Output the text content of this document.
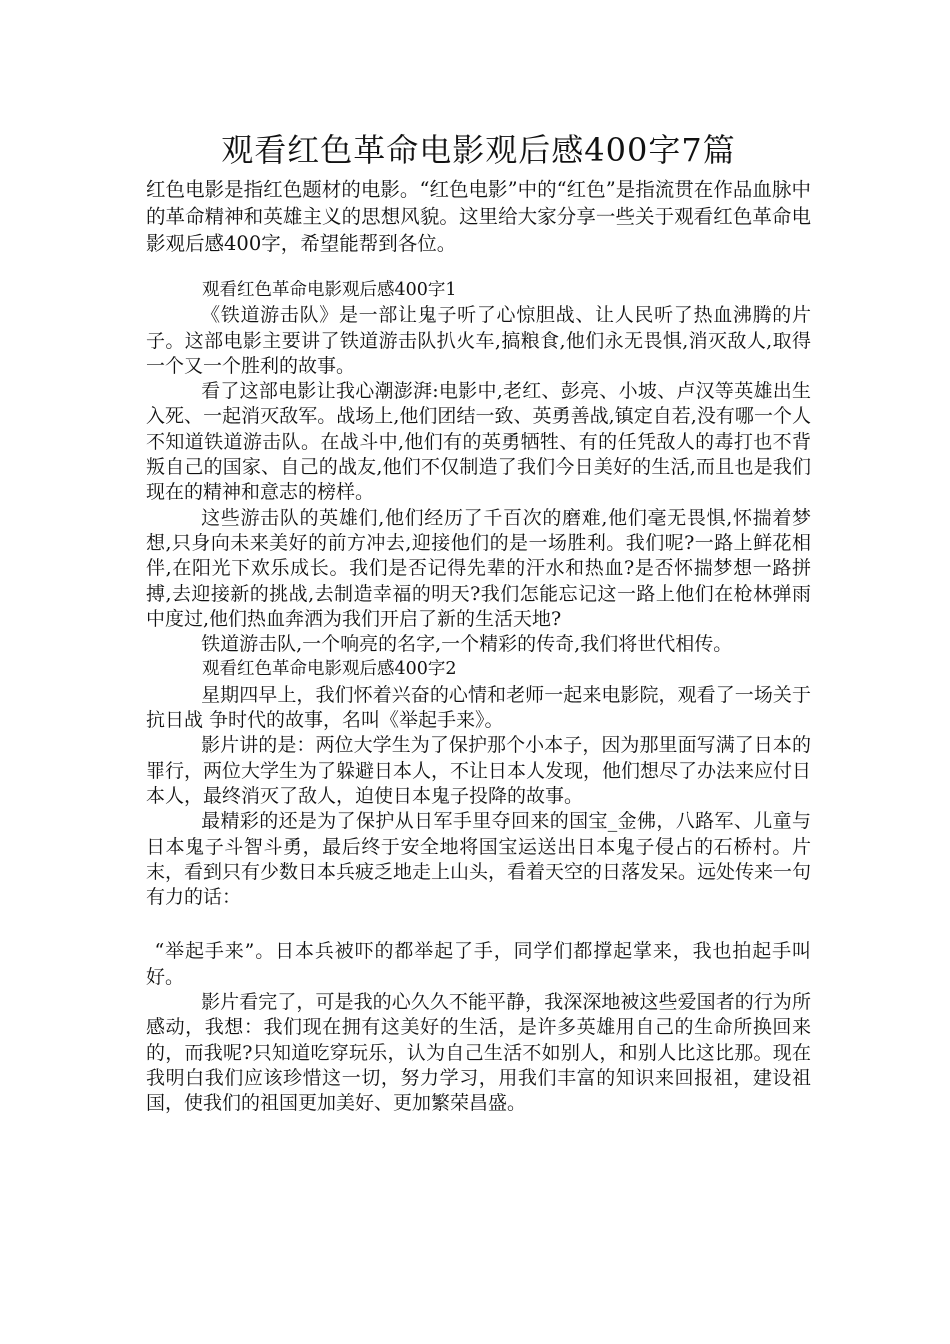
观看红色革命电影观后感400字7篇

红色电影是指红色题材的电影。“红色电影”中的“红色”是指流贯在作品血脉中的革命精神和英雄主义的思想风貌。这里给大家分享一些关于观看红色革命电影观后感400字，希望能帮到各位。

观看红色革命电影观后感400字1

《铁道游击队》是一部让鬼子听了心惊胆战、让人民听了热血沸腾的片子。这部电影主要讲了铁道游击队扒火车,搞粮食,他们永无畏惧,消灭敌人,取得一个又一个胜利的故事。

看了这部电影让我心潮澎湃:电影中,老红、彭亮、小坡、卢汉等英雄出生入死、一起消灭敌军。战场上,他们团结一致、英勇善战,镇定自若,没有哪一个人不知道铁道游击队。在战斗中,他们有的英勇牺牲、有的任凭敌人的毒打也不背叛自己的国家、自己的战友,他们不仅制造了我们今日美好的生活,而且也是我们现在的精神和意志的榜样。

这些游击队的英雄们,他们经历了千百次的磨难,他们毫无畏惧,怀揣着梦想,只身向未来美好的前方冲去,迎接他们的是一场胜利。我们呢?一路上鲜花相伴,在阳光下欢乐成长。我们是否记得先辈的汗水和热血?是否怀揣梦想一路拼搏,去迎接新的挑战,去制造幸福的明天?我们怎能忘记这一路上他们在枪林弹雨中度过,他们热血奔洒为我们开启了新的生活天地?

铁道游击队,一个响亮的名字,一个精彩的传奇,我们将世代相传。

观看红色革命电影观后感400字2

星期四早上，我们怀着兴奋的心情和老师一起来电影院，观看了一场关于抗日战 争时代的故事，名叫《举起手来》。

影片讲的是：两位大学生为了保护那个小本子，因为那里面写满了日本的罪行，两位大学生为了躲避日本人，不让日本人发现，他们想尽了办法来应付日本人，最终消灭了敌人，迫使日本鬼子投降的故事。

最精彩的还是为了保护从日军手里夺回来的国宝_金佛，八路军、儿童与日本鬼子斗智斗勇，最后终于安全地将国宝运送出日本鬼子侵占的石桥村。片末，看到只有少数日本兵疲乏地走上山头，看着天空的日落发呆。远处传来一句有力的话：

“举起手来”。日本兵被吓的都举起了手，同学们都撑起掌来，我也拍起手叫好。

影片看完了，可是我的心久久不能平静，我深深地被这些爱国者的行为所感动，我想：我们现在拥有这美好的生活，是许多英雄用自己的生命所换回来的，而我呢?只知道吃穿玩乐，认为自己生活不如别人，和别人比这比那。现在我明白我们应该珍惜这一切，努力学习，用我们丰富的知识来回报祖，建设祖国，使我们的祖国更加美好、更加繁荣昌盛。
